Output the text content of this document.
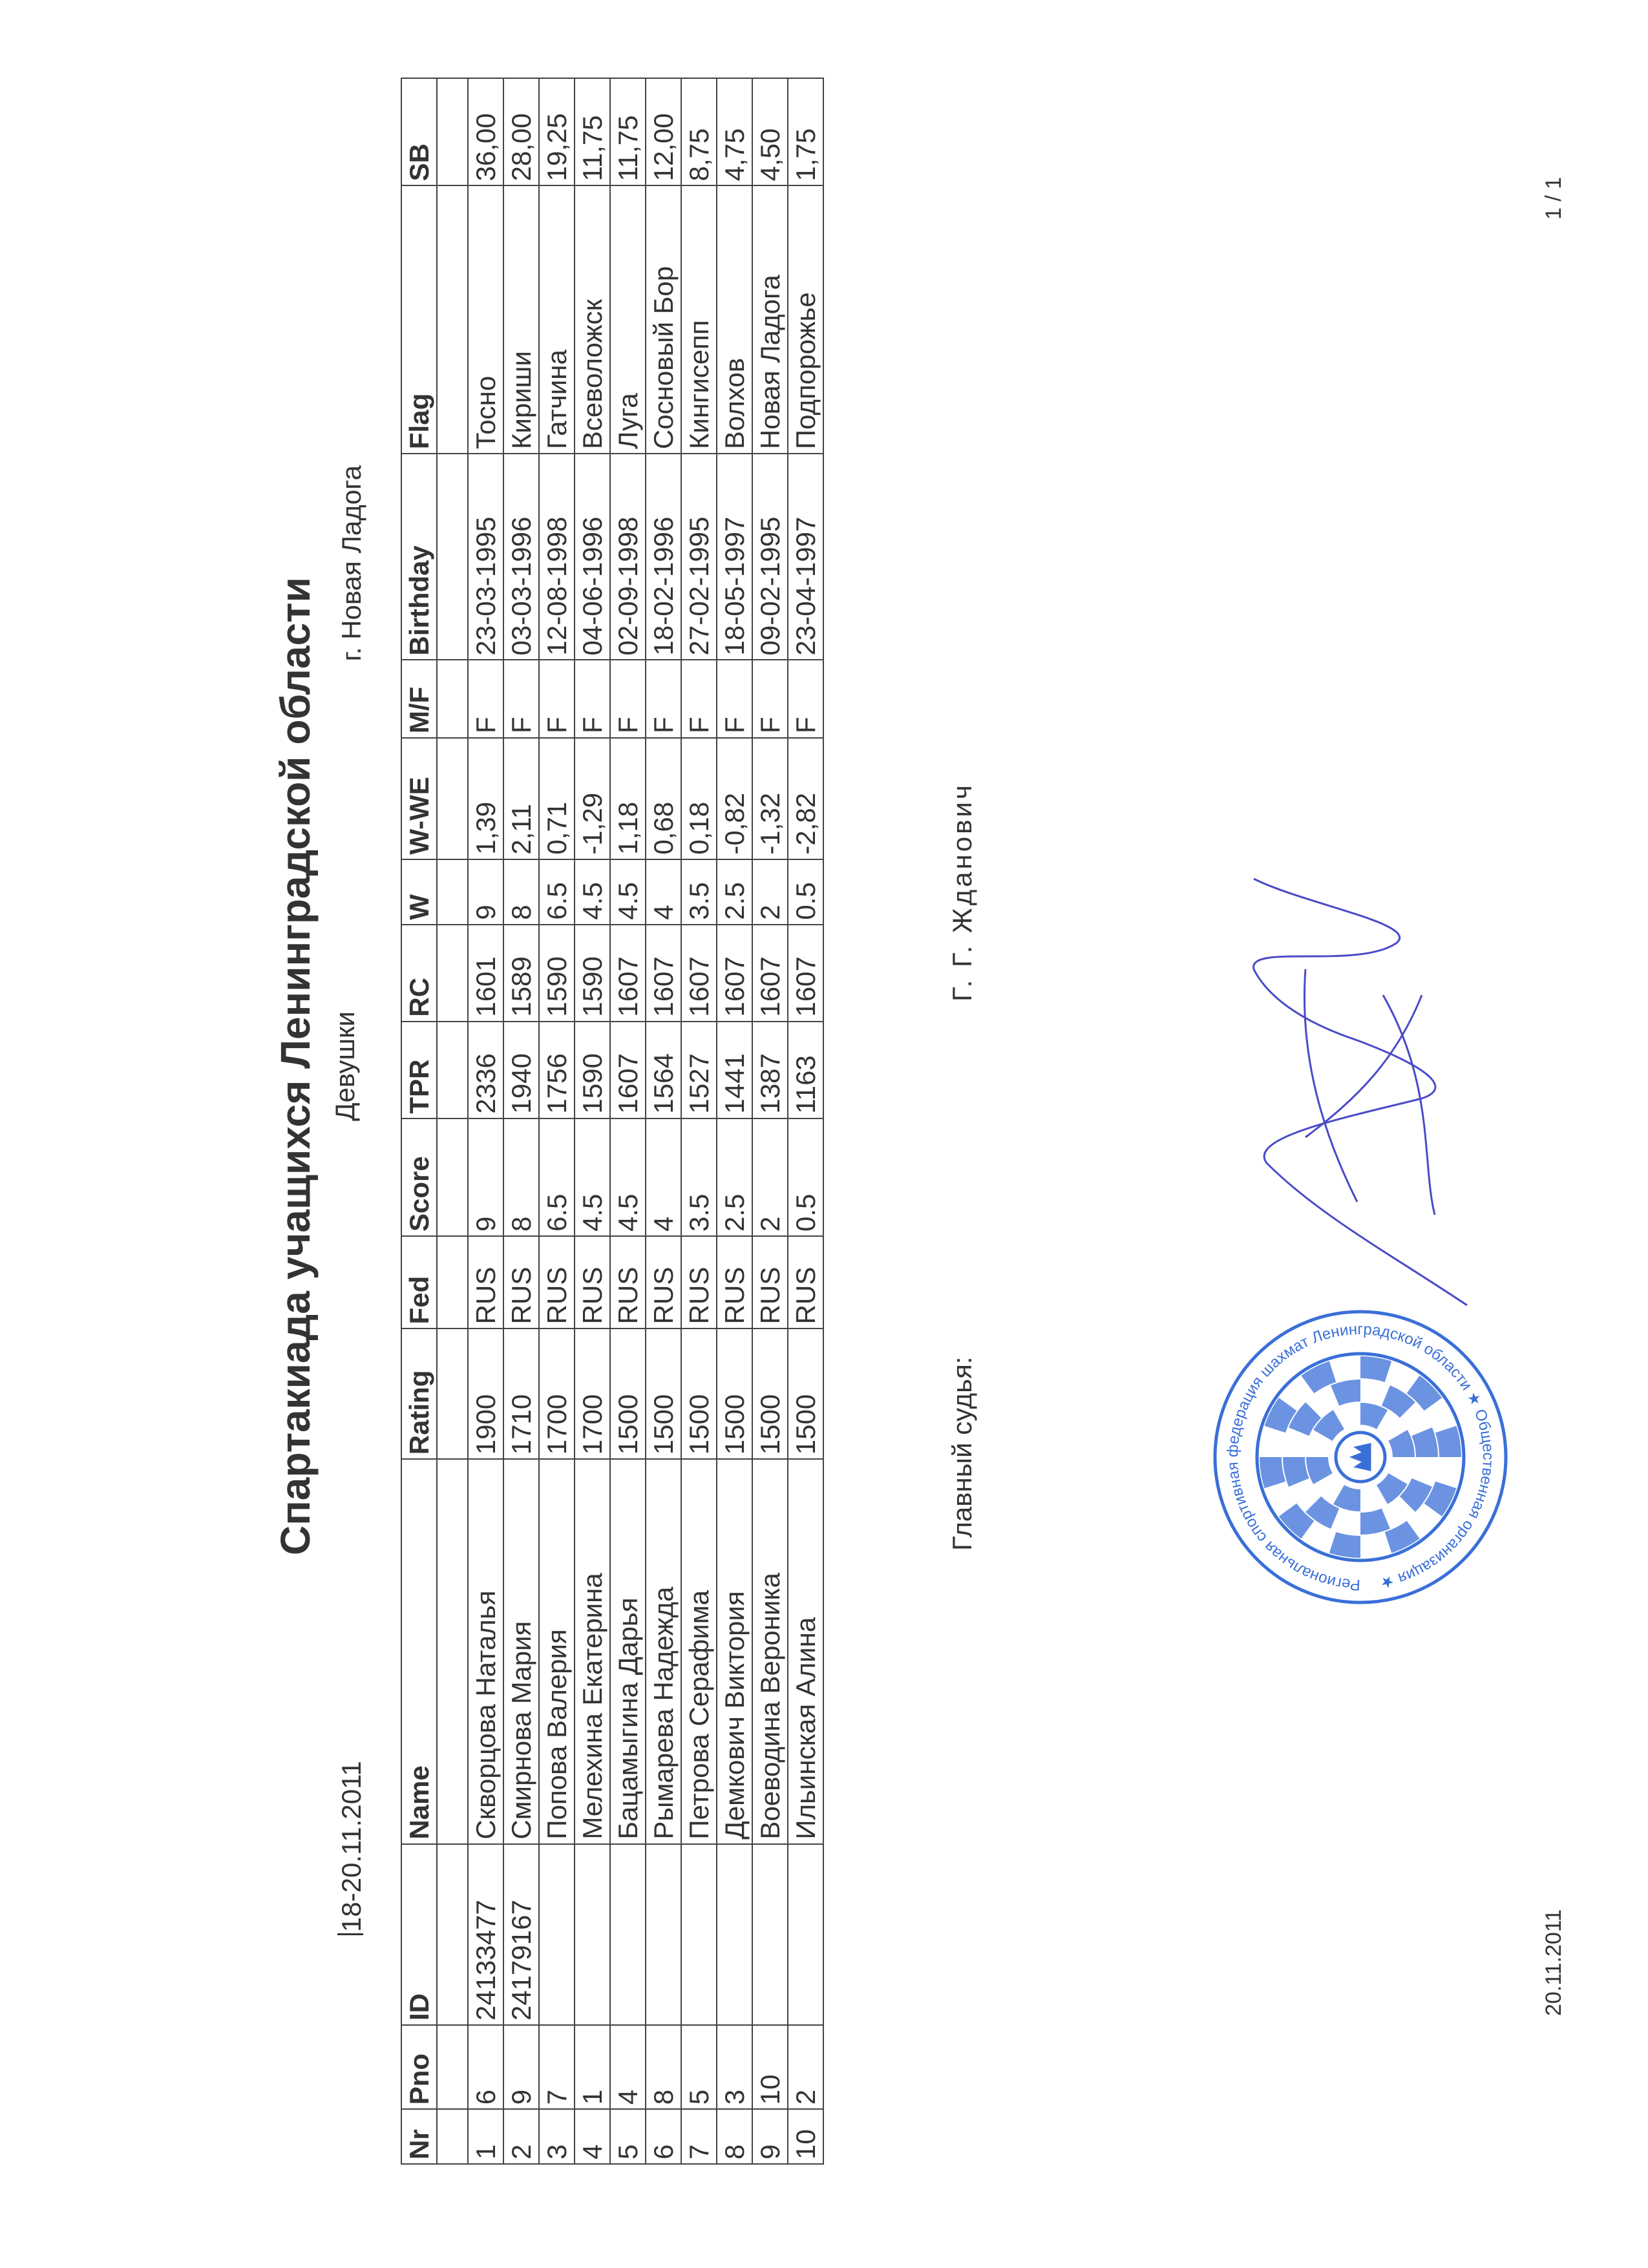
Спартакиада учащихся Ленинградской области
18-20.11.2011
Девушки
г. Новая Ладога
Nr	Pno	ID	Name	Rating	Fed	Score	TPR	RC	W	W-WE	M/F	Birthday	Flag	SB

1	6	24133477	Скворцова Наталья	1900	RUS	9	2336	1601	9	1,39	F	23-03-1995	Тосно	36,00
2	9	24179167	Смирнова Мария	1710	RUS	8	1940	1589	8	2,11	F	03-03-1996	Кириши	28,00
3	7		Попова Валерия	1700	RUS	6.5	1756	1590	6.5	0,71	F	12-08-1998	Гатчина	19,25
4	1		Мелехина Екатерина	1700	RUS	4.5	1590	1590	4.5	-1,29	F	04-06-1996	Всеволожск	11,75
5	4		Бацамыгина Дарья	1500	RUS	4.5	1607	1607	4.5	1,18	F	02-09-1998	Луга	11,75
6	8		Рымарева Надежда	1500	RUS	4	1564	1607	4	0,68	F	18-02-1996	Сосновый Бор	12,00
7	5		Петрова Серафима	1500	RUS	3.5	1527	1607	3.5	0,18	F	27-02-1995	Кингисепп	8,75
8	3		Демкович Виктория	1500	RUS	2.5	1441	1607	2.5	-0,82	F	18-05-1997	Волхов	4,75
9	10		Воеводина Вероника	1500	RUS	2	1387	1607	2	-1,32	F	09-02-1995	Новая Ладога	4,50
10	2		Ильинская Алина	1500	RUS	0.5	1163	1607	0.5	-2,82	F	23-04-1997	Подпорожье	1,75
Главный судья:
Г. Г. Жданович
20.11.2011
1 / 1
Региональная спортивная федерация шахмат Ленинградской области ★ Общественная организация ★
